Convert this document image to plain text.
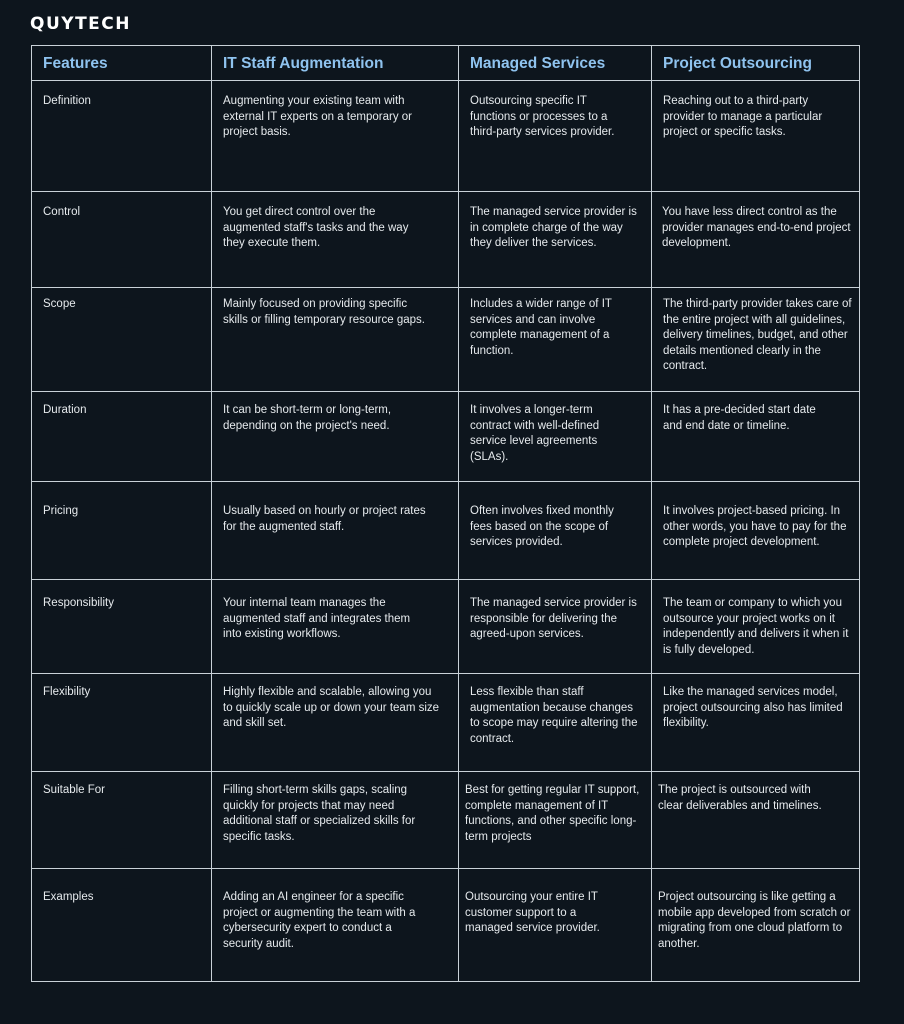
QUYTECH
Features	IT Staff Augmentation	Managed Services	Project Outsourcing
Definition	Augmenting your existing team with external IT experts on a temporary or project basis.	Outsourcing specific IT functions or processes to a third-party services provider.	Reaching out to a third-party provider to manage a particular project or specific tasks.
Control	You get direct control over the augmented staff's tasks and the way they execute them.	The managed service provider is in complete charge of the way they deliver the services.	You have less direct control as the provider manages end-to-end project development.
Scope	Mainly focused on providing specific skills or filling temporary resource gaps.	Includes a wider range of IT services and can involve complete management of a function.	The third-party provider takes care of the entire project with all guidelines, delivery timelines, budget, and other details mentioned clearly in the contract.
Duration	It can be short-term or long-term, depending on the project's need.	It involves a longer-term contract with well-defined service level agreements (SLAs).	It has a pre-decided start date and end date or timeline.
Pricing	Usually based on hourly or project rates for the augmented staff.	Often involves fixed monthly fees based on the scope of services provided.	It involves project-based pricing. In other words, you have to pay for the complete project development.
Responsibility	Your internal team manages the augmented staff and integrates them into existing workflows.	The managed service provider is responsible for delivering the agreed-upon services.	The team or company to which you outsource your project works on it independently and delivers it when it is fully developed.
Flexibility	Highly flexible and scalable, allowing you to quickly scale up or down your team size and skill set.	Less flexible than staff augmentation because changes to scope may require altering the contract.	Like the managed services model, project outsourcing also has limited flexibility.
Suitable For	Filling short-term skills gaps, scaling quickly for projects that may need additional staff or specialized skills for specific tasks.	Best for getting regular IT support, complete management of IT functions, and other specific long-term projects	The project is outsourced with clear deliverables and timelines.
Examples	Adding an AI engineer for a specific project or augmenting the team with a cybersecurity expert to conduct a security audit.	Outsourcing your entire IT customer support to a managed service provider.	Project outsourcing is like getting a mobile app developed from scratch or migrating from one cloud platform to another.
